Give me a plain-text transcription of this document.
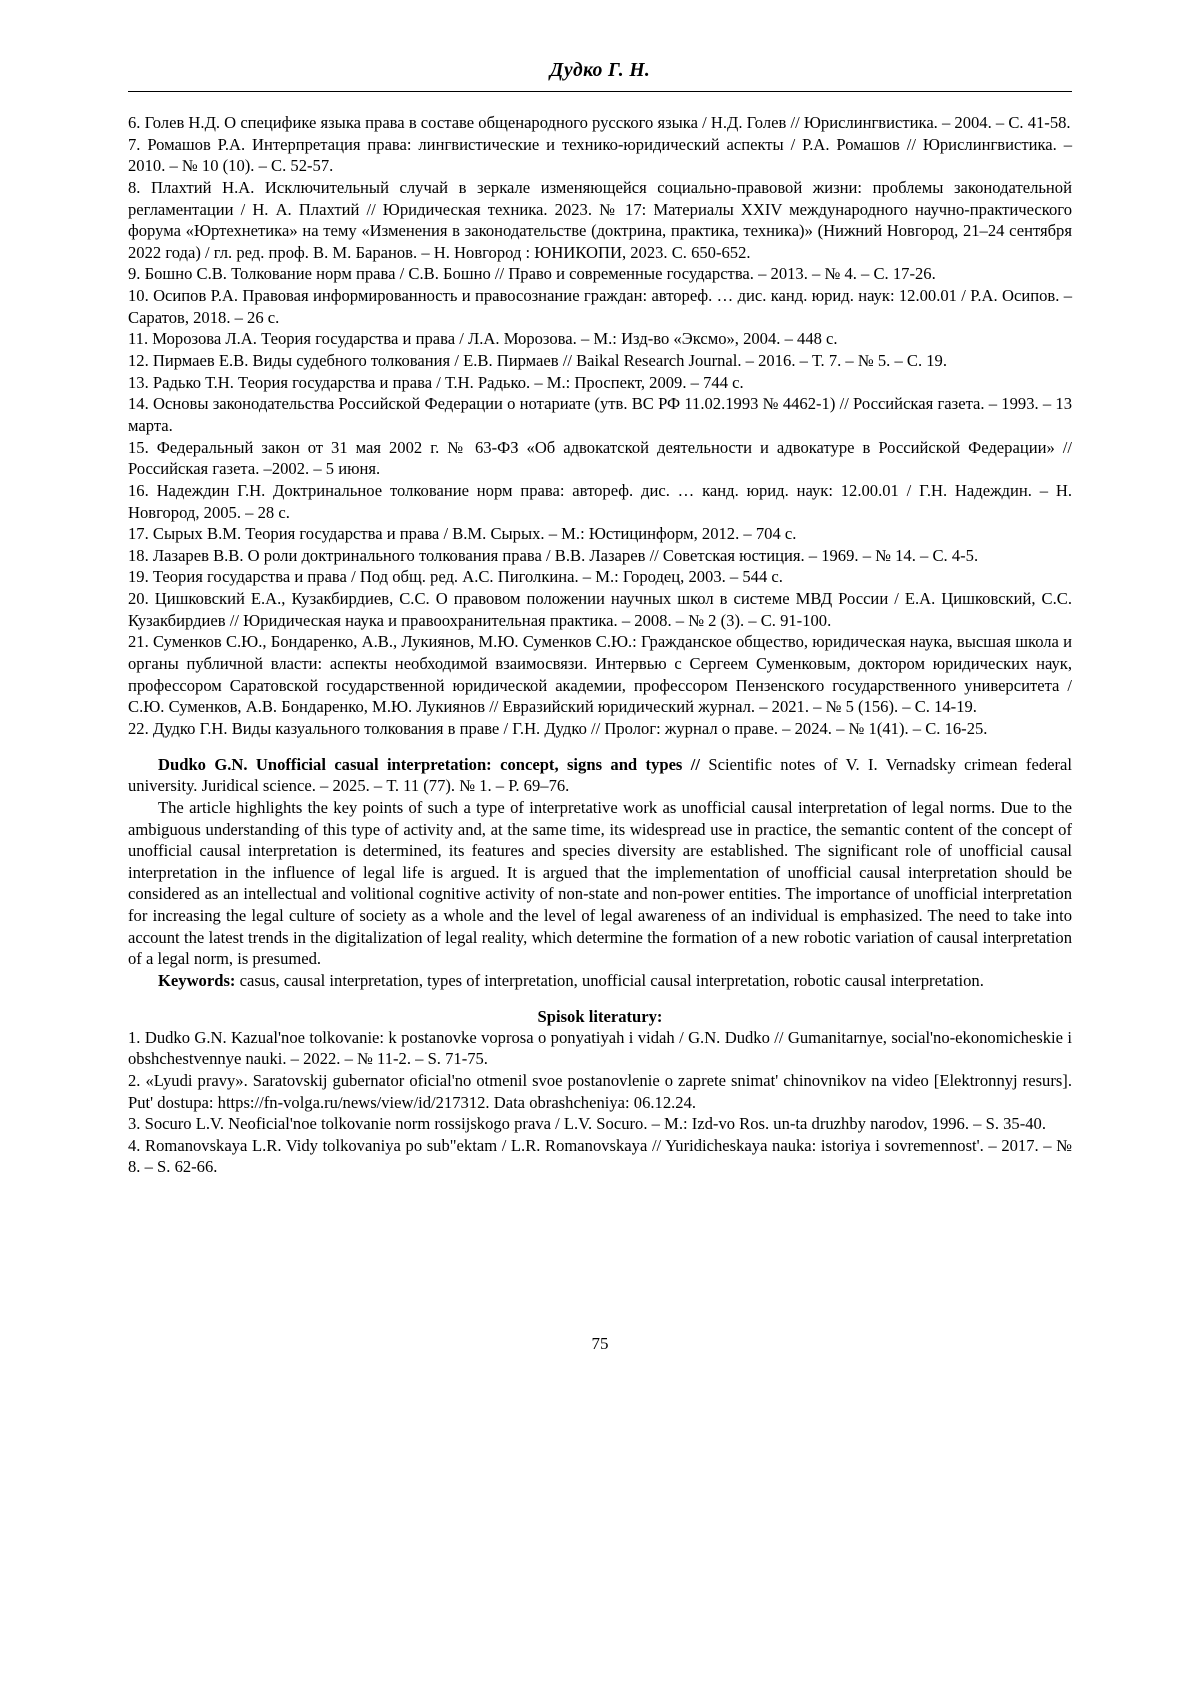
Дудко Г. Н.

6. Голев Н.Д. О специфике языка права в составе общенародного русского языка / Н.Д. Голев // Юрислингвистика. – 2004. – С. 41-58.

7. Ромашов Р.А. Интерпретация права: лингвистические и технико-юридический аспекты / Р.А. Ромашов // Юрислингвистика. – 2010. – № 10 (10). – С. 52-57.

8. Плахтий Н.А. Исключительный случай в зеркале изменяющейся социально-правовой жизни: проблемы законодательной регламентации / Н. А. Плахтий // Юридическая техника. 2023. № 17: Материалы XXIV международного научно-практического форума «Юртехнетика» на тему «Изменения в законодательстве (доктрина, практика, техника)» (Нижний Новгород, 21–24 сентября 2022 года) / гл. ред. проф. В. М. Баранов. – Н. Новгород : ЮНИКОПИ, 2023. С. 650-652.

9. Бошно С.В. Толкование норм права / С.В. Бошно // Право и современные государства. – 2013. – № 4. – С. 17-26.

10. Осипов Р.А. Правовая информированность и правосознание граждан: автореф. … дис. канд. юрид. наук: 12.00.01 / Р.А. Осипов. – Саратов, 2018. – 26 с.

11. Морозова Л.А. Теория государства и права / Л.А. Морозова. – М.: Изд-во «Эксмо», 2004. – 448 с.

12. Пирмаев Е.В. Виды судебного толкования / Е.В. Пирмаев // Baikal Research Journal. – 2016. – Т. 7. – № 5. – С. 19.

13. Радько Т.Н. Теория государства и права / Т.Н. Радько. – М.: Проспект, 2009. – 744 с.

14. Основы законодательства Российской Федерации о нотариате (утв. ВС РФ 11.02.1993 № 4462-1) // Российская газета. – 1993. – 13 марта.

15. Федеральный закон от 31 мая 2002 г. № 63-ФЗ «Об адвокатской деятельности и адвокатуре в Российской Федерации» // Российская газета. –2002. – 5 июня.

16. Надеждин Г.Н. Доктринальное толкование норм права: автореф. дис. … канд. юрид. наук: 12.00.01 / Г.Н. Надеждин. – Н. Новгород, 2005. – 28 с.

17. Сырых В.М. Теория государства и права / В.М. Сырых. – М.: Юстицинформ, 2012. – 704 с.

18. Лазарев В.В. О роли доктринального толкования права / В.В. Лазарев // Советская юстиция. – 1969. – № 14. – С. 4-5.

19. Теория государства и права / Под общ. ред. А.С. Пиголкина. – М.: Городец, 2003. – 544 с.

20. Цишковский Е.А., Кузакбирдиев, С.С. О правовом положении научных школ в системе МВД России / Е.А. Цишковский, С.С. Кузакбирдиев // Юридическая наука и правоохранительная практика. – 2008. – № 2 (3). – С. 91-100.

21. Суменков С.Ю., Бондаренко, А.В., Лукиянов, М.Ю. Суменков С.Ю.: Гражданское общество, юридическая наука, высшая школа и органы публичной власти: аспекты необходимой взаимосвязи. Интервью с Сергеем Суменковым, доктором юридических наук, профессором Саратовской государственной юридической академии, профессором Пензенского государственного университета / С.Ю. Суменков, А.В. Бондаренко, М.Ю. Лукиянов // Евразийский юридический журнал. – 2021. – № 5 (156). – С. 14-19.

22. Дудко Г.Н. Виды казуального толкования в праве / Г.Н. Дудко // Пролог: журнал о праве. – 2024. – № 1(41). – С. 16-25.

Dudko G.N. Unofficial casual interpretation: concept, signs and types // Scientific notes of V. I. Vernadsky crimean federal university. Juridical science. – 2025. – Т. 11 (77). № 1. – Р. 69–76.

The article highlights the key points of such a type of interpretative work as unofficial causal interpretation of legal norms. Due to the ambiguous understanding of this type of activity and, at the same time, its widespread use in practice, the semantic content of the concept of unofficial causal interpretation is determined, its features and species diversity are established. The significant role of unofficial causal interpretation in the influence of legal life is argued. It is argued that the implementation of unofficial causal interpretation should be considered as an intellectual and volitional cognitive activity of non-state and non-power entities. The importance of unofficial interpretation for increasing the legal culture of society as a whole and the level of legal awareness of an individual is emphasized. The need to take into account the latest trends in the digitalization of legal reality, which determine the formation of a new robotic variation of causal interpretation of a legal norm, is presumed.

Keywords: casus, causal interpretation, types of interpretation, unofficial causal interpretation, robotic causal interpretation.

Spisok literatury:

1. Dudko G.N. Kazual'noe tolkovanie: k postanovke voprosa o ponyatiyah i vidah / G.N. Dudko // Gumanitarnye, social'no-ekonomicheskie i obshchestvennye nauki. – 2022. – № 11-2. – S. 71-75.

2. «Lyudi pravy». Saratovskij gubernator oficial'no otmenil svoe postanovlenie o zaprete snimat' chinovnikov na video [Elektronnyj resurs]. Put' dostupa: https://fn-volga.ru/news/view/id/217312. Data obrashcheniya: 06.12.24.

3. Socuro L.V. Neoficial'noe tolkovanie norm rossijskogo prava / L.V. Socuro. – M.: Izd-vo Ros. un-ta druzhby narodov, 1996. – S. 35-40.

4. Romanovskaya L.R. Vidy tolkovaniya po sub"ektam / L.R. Romanovskaya // Yuridicheskaya nauka: istoriya i sovremennost'. – 2017. – № 8. – S. 62-66.

75
